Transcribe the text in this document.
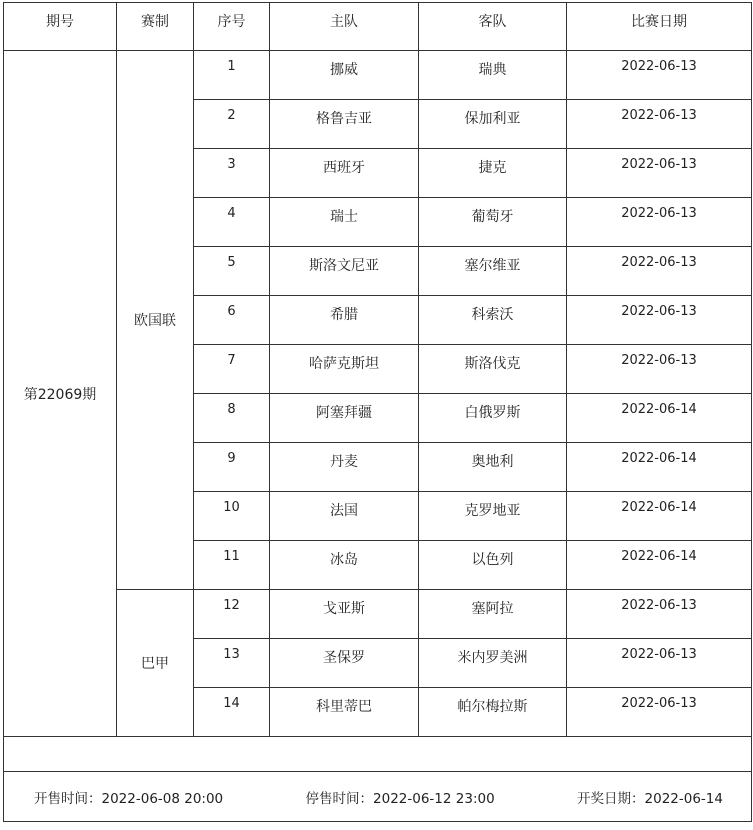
期号	赛制	序号	主队	客队	比赛日期
第22069期	欧国联	1	挪威	瑞典	2022-06-13
		2	格鲁吉亚	保加利亚	2022-06-13
		3	西班牙	捷克	2022-06-13
		4	瑞士	葡萄牙	2022-06-13
		5	斯洛文尼亚	塞尔维亚	2022-06-13
		6	希腊	科索沃	2022-06-13
		7	哈萨克斯坦	斯洛伐克	2022-06-13
		8	阿塞拜疆	白俄罗斯	2022-06-14
		9	丹麦	奥地利	2022-06-14
		10	法国	克罗地亚	2022-06-14
		11	冰岛	以色列	2022-06-14
	巴甲	12	戈亚斯	塞阿拉	2022-06-13
		13	圣保罗	米内罗美洲	2022-06-13
		14	科里蒂巴	帕尔梅拉斯	2022-06-13

开售时间：2022-06-08 20:00 停售时间：2022-06-12 23:00 开奖日期：2022-06-14					
